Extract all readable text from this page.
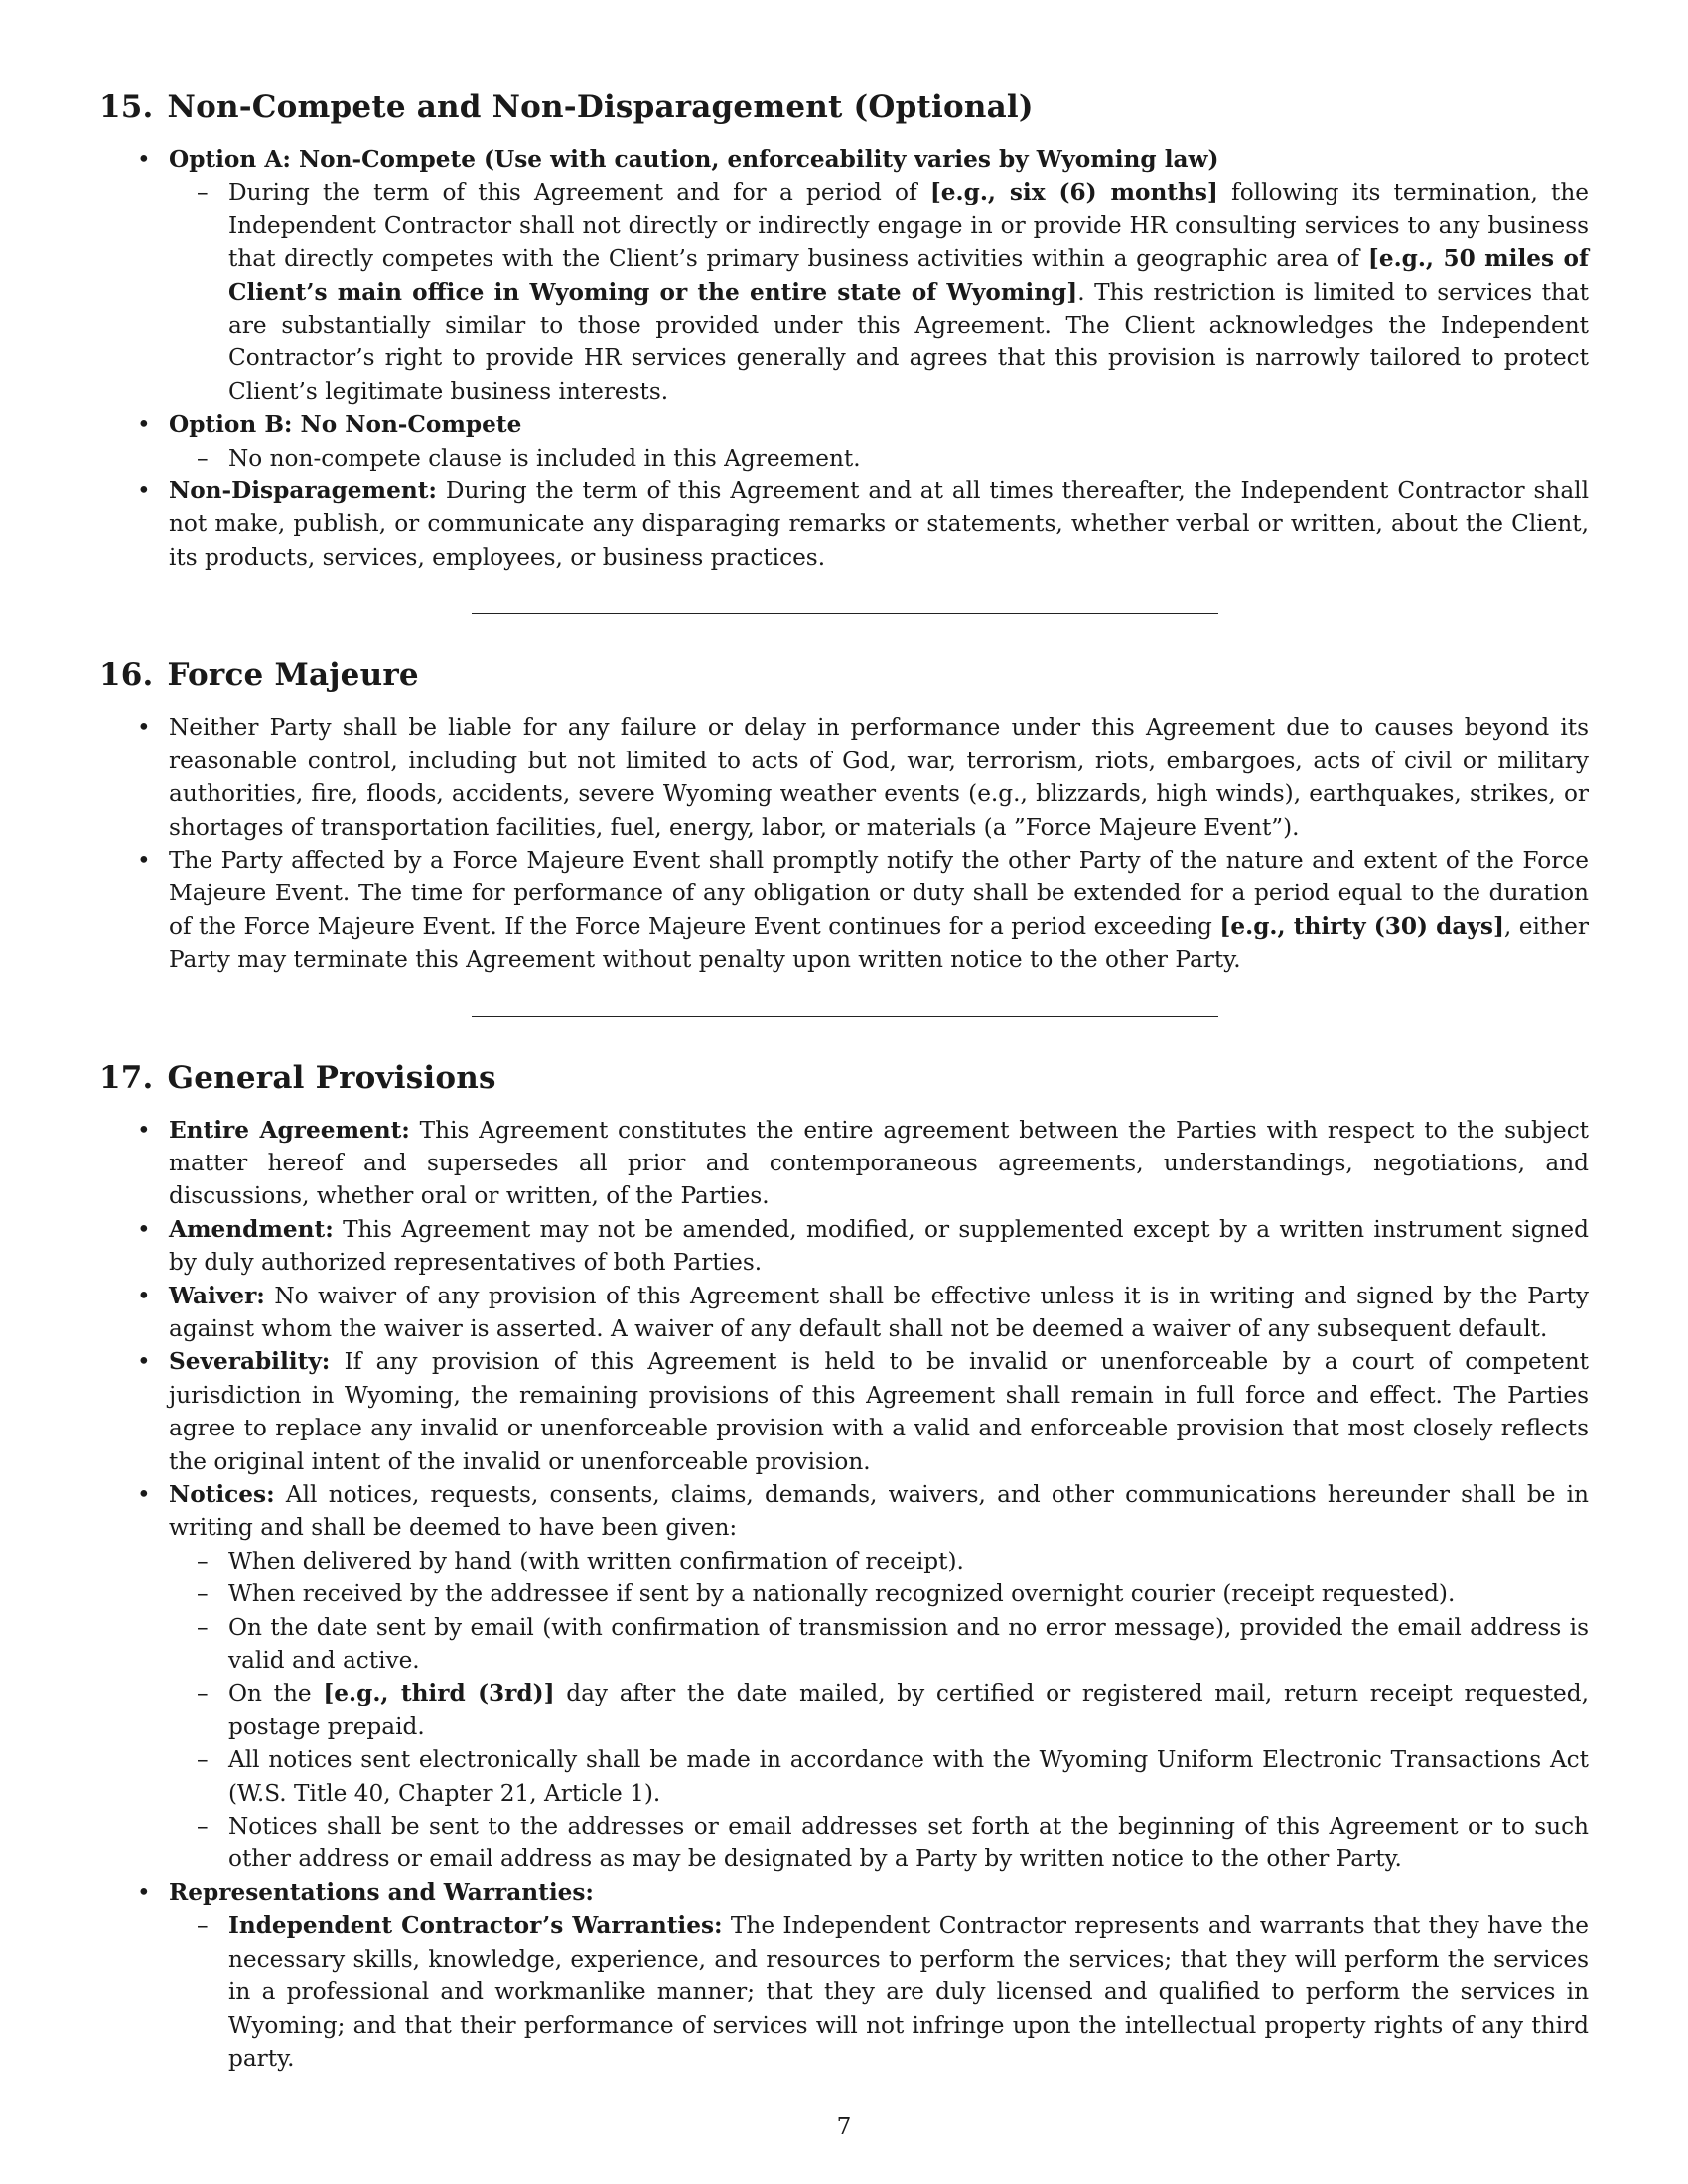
15. Non-Compete and Non-Disparagement (Optional)
• Option A: Non-Compete (Use with caution, enforceability varies by Wyoming law)
– During the term of this Agreement and for a period of [e.g., six (6) months] following its termination, the Independent Contractor shall not directly or indirectly engage in or provide HR consulting services to any business that directly competes with the Client’s primary business activities within a geographic area of [e.g., 50 miles of Client’s main office in Wyoming or the entire state of Wyoming]. This restriction is limited to services that are substantially similar to those provided under this Agreement. The Client acknowledges the Independent Contractor’s right to provide HR services generally and agrees that this provision is narrowly tailored to protect Client’s legitimate business interests.
• Option B: No Non-Compete
– No non-compete clause is included in this Agreement.
• Non-Disparagement: During the term of this Agreement and at all times thereafter, the Independent Contractor shall not make, publish, or communicate any disparaging remarks or statements, whether verbal or written, about the Client, its products, services, employees, or business practices.
16. Force Majeure
• Neither Party shall be liable for any failure or delay in performance under this Agreement due to causes beyond its reasonable control, including but not limited to acts of God, war, terrorism, riots, embargoes, acts of civil or military authorities, fire, floods, accidents, severe Wyoming weather events (e.g., blizzards, high winds), earthquakes, strikes, or shortages of transportation facilities, fuel, energy, labor, or materials (a ”Force Majeure Event”).
• The Party affected by a Force Majeure Event shall promptly notify the other Party of the nature and extent of the Force Majeure Event. The time for performance of any obligation or duty shall be extended for a period equal to the duration of the Force Majeure Event. If the Force Majeure Event continues for a period exceeding [e.g., thirty (30) days], either Party may terminate this Agreement without penalty upon written notice to the other Party.
17. General Provisions
• Entire Agreement: This Agreement constitutes the entire agreement between the Parties with respect to the subject matter hereof and supersedes all prior and contemporaneous agreements, understandings, negotiations, and discussions, whether oral or written, of the Parties.
• Amendment: This Agreement may not be amended, modified, or supplemented except by a written instrument signed by duly authorized representatives of both Parties.
• Waiver: No waiver of any provision of this Agreement shall be effective unless it is in writing and signed by the Party against whom the waiver is asserted. A waiver of any default shall not be deemed a waiver of any subsequent default.
• Severability: If any provision of this Agreement is held to be invalid or unenforceable by a court of competent jurisdiction in Wyoming, the remaining provisions of this Agreement shall remain in full force and effect. The Parties agree to replace any invalid or unenforceable provision with a valid and enforceable provision that most closely reflects the original intent of the invalid or unenforceable provision.
• Notices: All notices, requests, consents, claims, demands, waivers, and other communications hereunder shall be in writing and shall be deemed to have been given:
– When delivered by hand (with written confirmation of receipt).
– When received by the addressee if sent by a nationally recognized overnight courier (receipt requested).
– On the date sent by email (with confirmation of transmission and no error message), provided the email address is valid and active.
– On the [e.g., third (3rd)] day after the date mailed, by certified or registered mail, return receipt requested, postage prepaid.
– All notices sent electronically shall be made in accordance with the Wyoming Uniform Electronic Transactions Act (W.S. Title 40, Chapter 21, Article 1).
– Notices shall be sent to the addresses or email addresses set forth at the beginning of this Agreement or to such other address or email address as may be designated by a Party by written notice to the other Party.
• Representations and Warranties:
– Independent Contractor’s Warranties: The Independent Contractor represents and warrants that they have the necessary skills, knowledge, experience, and resources to perform the services; that they will perform the services in a professional and workmanlike manner; that they are duly licensed and qualified to perform the services in Wyoming; and that their performance of services will not infringe upon the intellectual property rights of any third party.
7
